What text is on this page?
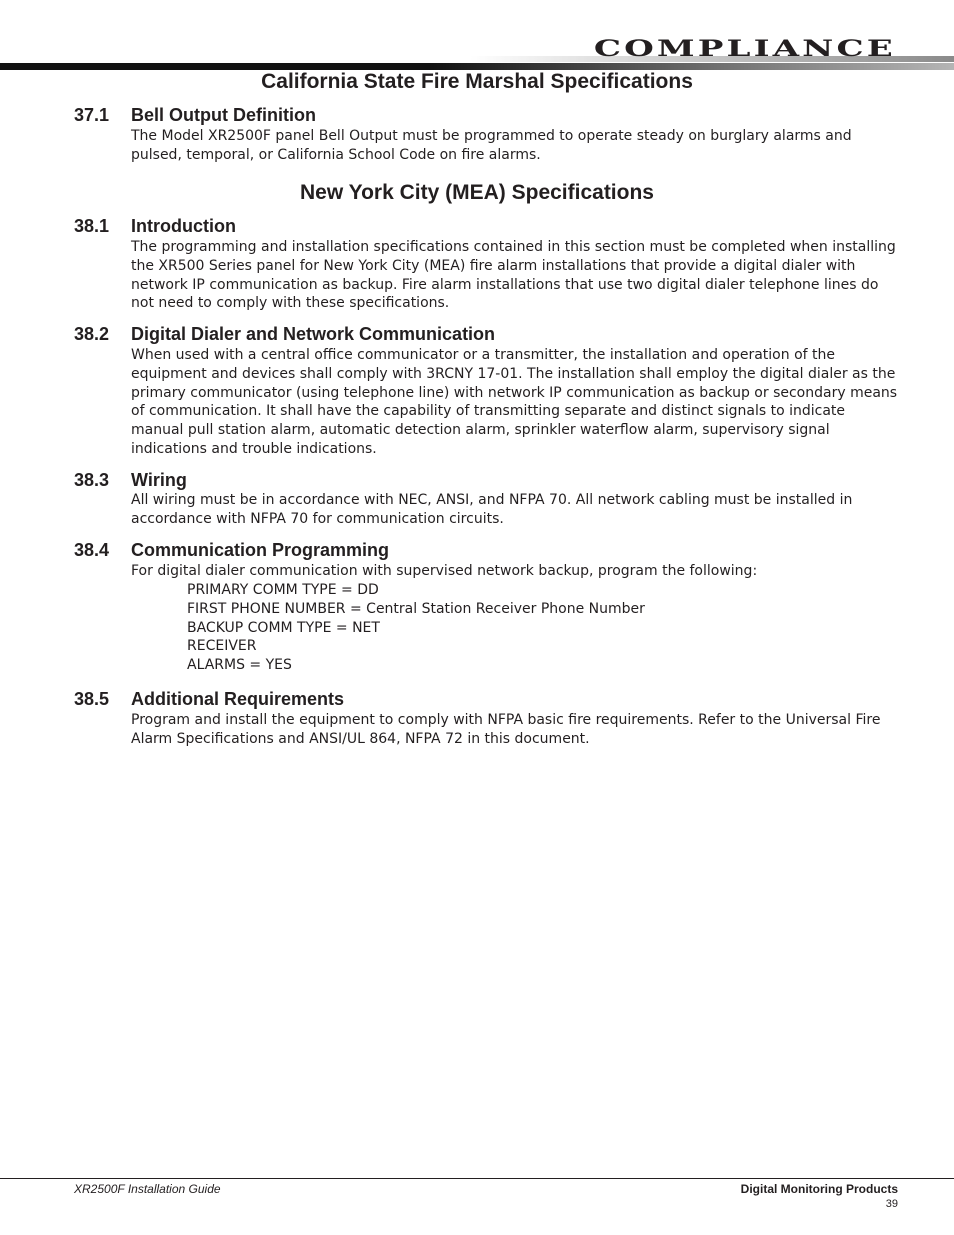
COMPLIANCE
California State Fire Marshal Specifications
37.1 Bell Output Definition

The Model XR2500F panel Bell Output must be programmed to operate steady on burglary alarms and pulsed, temporal, or California School Code on fire alarms.

New York City (MEA) Specifications
38.1 Introduction

The programming and installation specifications contained in this section must be completed when installing the XR500 Series panel for New York City (MEA) fire alarm installations that provide a digital dialer with network IP communication as backup. Fire alarm installations that use two digital dialer telephone lines do not need to comply with these specifications.

38.2 Digital Dialer and Network Communication

When used with a central office communicator or a transmitter, the installation and operation of the equipment and devices shall comply with 3RCNY 17-01. The installation shall employ the digital dialer as the primary communicator (using telephone line) with network IP communication as backup or secondary means of communication. It shall have the capability of transmitting separate and distinct signals to indicate manual pull station alarm, automatic detection alarm, sprinkler waterflow alarm, supervisory signal indications and trouble indications.

38.3 Wiring

All wiring must be in accordance with NEC, ANSI, and NFPA 70. All network cabling must be installed in accordance with NFPA 70 for communication circuits.

38.4 Communication Programming

For digital dialer communication with supervised network backup, program the following:

PRIMARY COMM TYPE = DD
FIRST PHONE NUMBER = Central Station Receiver Phone Number
BACKUP COMM TYPE = NET
RECEIVER
ALARMS = YES
38.5 Additional Requirements

Program and install the equipment to comply with NFPA basic fire requirements. Refer to the Universal Fire Alarm Specifications and ANSI/UL 864, NFPA 72 in this document.

XR2500F Installation Guide	Digital Monitoring Products
39
